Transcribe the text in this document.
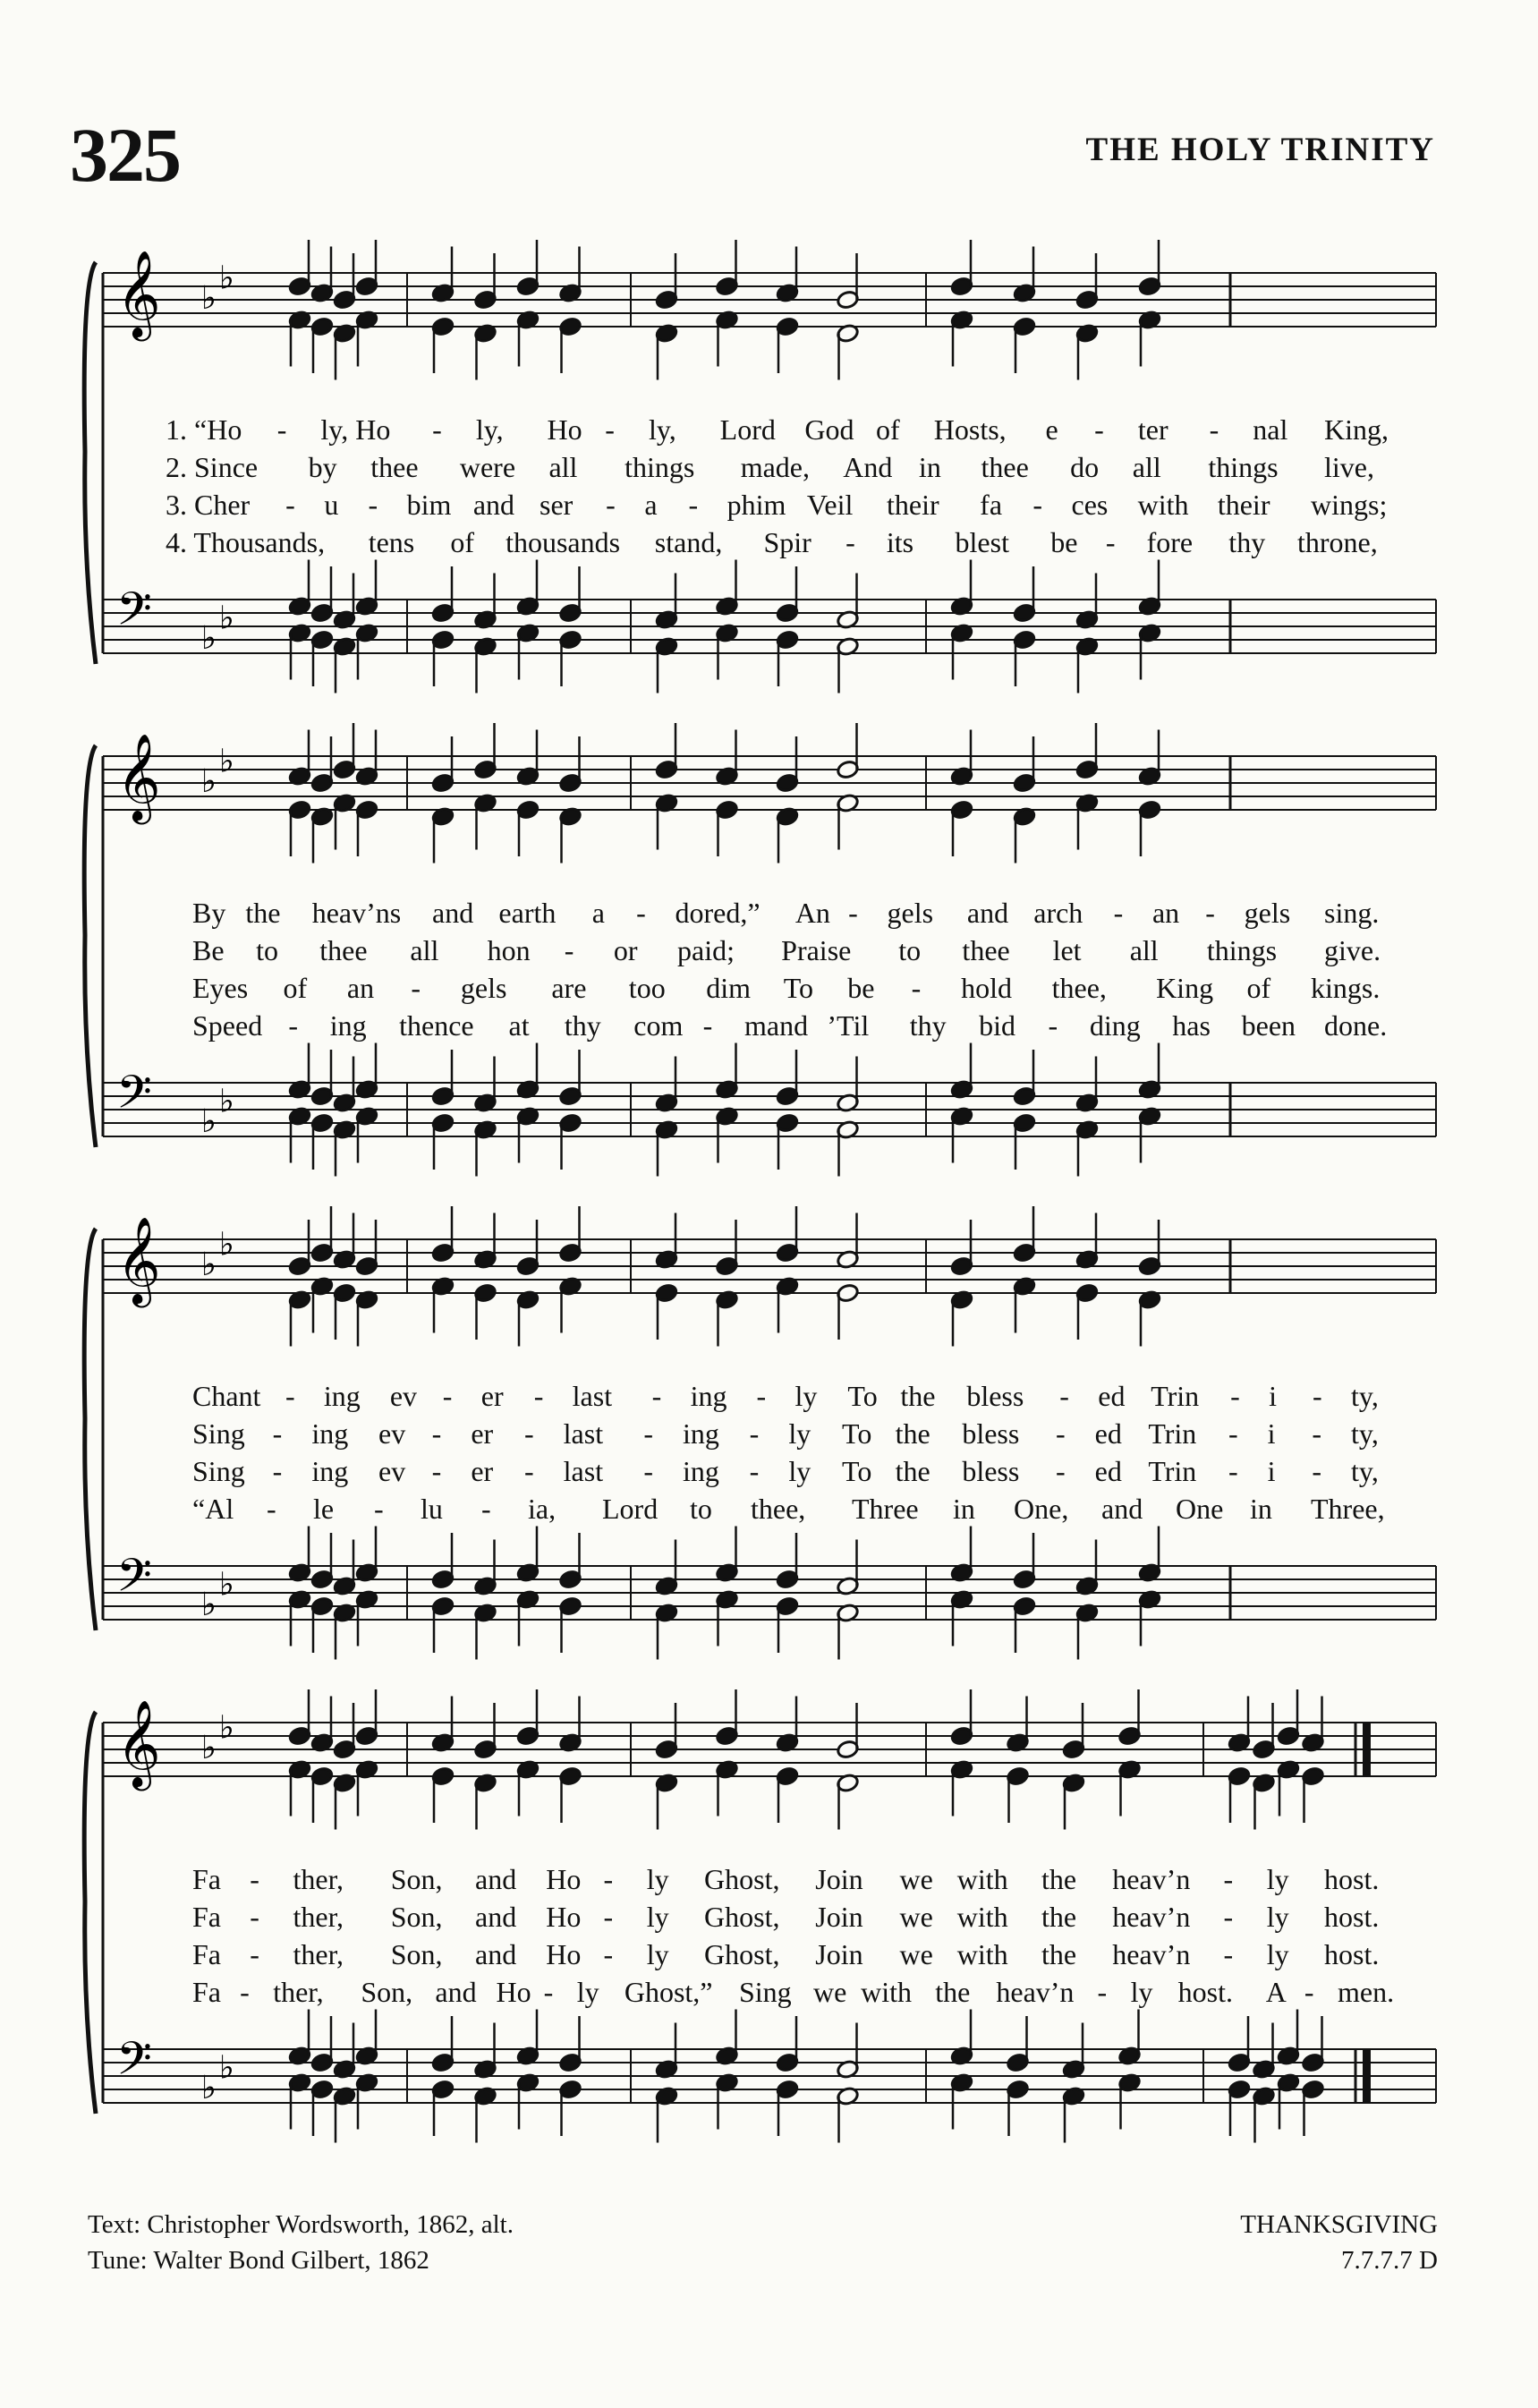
325	THE HOLY TRINITY
𝄞 ♭
♭
𝄢 ♭
♭
1. “Ho - ly, Ho - ly, Ho - ly, Lord God of Hosts, e - ter - nal King,
2. Since by thee were all things made, And in thee do all things live,
3. Cher - u - bim and ser - a - phim Veil their fa - ces with their wings;
4. Thousands, tens of thousands stand, Spir - its blest be - fore thy throne,
𝄞 ♭
♭
𝄢 ♭
♭
By the heav’ns and earth a - dored,” An - gels and arch - an - gels sing.
Be to thee all hon - or paid; Praise to thee let all things give.
Eyes of an - gels are too dim To be - hold thee, King of kings.
Speed - ing thence at thy com - mand ’Til thy bid - ding has been done.
𝄞 ♭
♭
𝄢 ♭
♭
Chant - ing ev - er - last - ing - ly To the bless - ed Trin - i - ty,
Sing - ing ev - er - last - ing - ly To the bless - ed Trin - i - ty,
Sing - ing ev - er - last - ing - ly To the bless - ed Trin - i - ty,
“Al - le - lu - ia, Lord to thee, Three in One, and One in Three,
𝄞 ♭
♭
𝄢 ♭
♭
Fa - ther, Son, and Ho - ly Ghost, Join we with the heav’n - ly host.
Fa - ther, Son, and Ho - ly Ghost, Join we with the heav’n - ly host.
Fa - ther, Son, and Ho - ly Ghost, Join we with the heav’n - ly host.
Fa - ther, Son, and Ho - ly Ghost,” Sing we with the heav’n - ly host. A - men.
Text: Christopher Wordsworth, 1862, alt.
Tune: Walter Bond Gilbert, 1862
THANKSGIVING
7.7.7.7 D
